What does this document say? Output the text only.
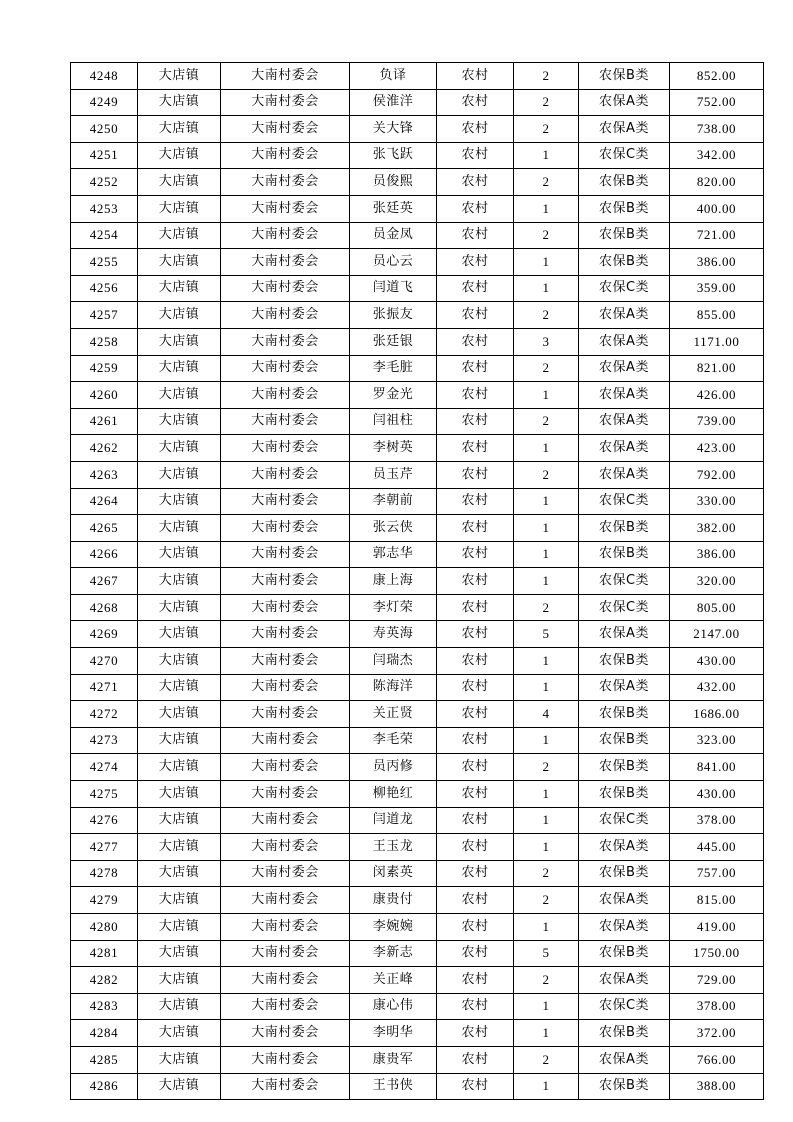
4248	大店镇	大南村委会	负译	农村	2	农保B类	852.00
4249	大店镇	大南村委会	侯淮洋	农村	2	农保A类	752.00
4250	大店镇	大南村委会	关大锋	农村	2	农保A类	738.00
4251	大店镇	大南村委会	张飞跃	农村	1	农保C类	342.00
4252	大店镇	大南村委会	员俊熙	农村	2	农保B类	820.00
4253	大店镇	大南村委会	张廷英	农村	1	农保B类	400.00
4254	大店镇	大南村委会	员金凤	农村	2	农保B类	721.00
4255	大店镇	大南村委会	员心云	农村	1	农保B类	386.00
4256	大店镇	大南村委会	闫道飞	农村	1	农保C类	359.00
4257	大店镇	大南村委会	张振友	农村	2	农保A类	855.00
4258	大店镇	大南村委会	张廷银	农村	3	农保A类	1171.00
4259	大店镇	大南村委会	李毛脏	农村	2	农保A类	821.00
4260	大店镇	大南村委会	罗金光	农村	1	农保A类	426.00
4261	大店镇	大南村委会	闫祖柱	农村	2	农保A类	739.00
4262	大店镇	大南村委会	李树英	农村	1	农保A类	423.00
4263	大店镇	大南村委会	员玉芹	农村	2	农保A类	792.00
4264	大店镇	大南村委会	李朝前	农村	1	农保C类	330.00
4265	大店镇	大南村委会	张云侠	农村	1	农保B类	382.00
4266	大店镇	大南村委会	郭志华	农村	1	农保B类	386.00
4267	大店镇	大南村委会	康上海	农村	1	农保C类	320.00
4268	大店镇	大南村委会	李灯荣	农村	2	农保C类	805.00
4269	大店镇	大南村委会	寿英海	农村	5	农保A类	2147.00
4270	大店镇	大南村委会	闫瑞杰	农村	1	农保B类	430.00
4271	大店镇	大南村委会	陈海洋	农村	1	农保A类	432.00
4272	大店镇	大南村委会	关正贤	农村	4	农保B类	1686.00
4273	大店镇	大南村委会	李毛荣	农村	1	农保B类	323.00
4274	大店镇	大南村委会	员丙修	农村	2	农保B类	841.00
4275	大店镇	大南村委会	柳艳红	农村	1	农保B类	430.00
4276	大店镇	大南村委会	闫道龙	农村	1	农保C类	378.00
4277	大店镇	大南村委会	王玉龙	农村	1	农保A类	445.00
4278	大店镇	大南村委会	闵素英	农村	2	农保B类	757.00
4279	大店镇	大南村委会	康贵付	农村	2	农保A类	815.00
4280	大店镇	大南村委会	李婉婉	农村	1	农保A类	419.00
4281	大店镇	大南村委会	李新志	农村	5	农保B类	1750.00
4282	大店镇	大南村委会	关正峰	农村	2	农保A类	729.00
4283	大店镇	大南村委会	康心伟	农村	1	农保C类	378.00
4284	大店镇	大南村委会	李明华	农村	1	农保B类	372.00
4285	大店镇	大南村委会	康贵军	农村	2	农保A类	766.00
4286	大店镇	大南村委会	王书侠	农村	1	农保B类	388.00
